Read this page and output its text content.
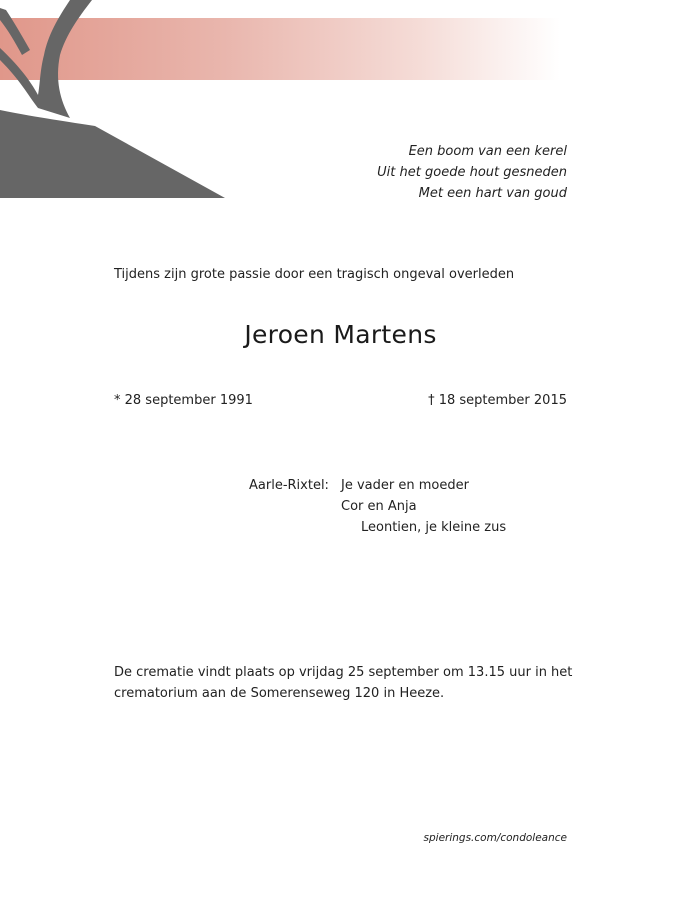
Een boom van een kerel
Uit het goede hout gesneden
Met een hart van goud
Tijdens zijn grote passie door een tragisch ongeval overleden
Jeroen Martens
* 28 september 1991	† 18 september 2015
Aarle-Rixtel: Je vader en moeder
Cor en Anja
Leontien, je kleine zus
De crematie vindt plaats op vrijdag 25 september om 13.15 uur in het
crematorium aan de Somerenseweg 120 in Heeze.
spierings.com/condoleance
